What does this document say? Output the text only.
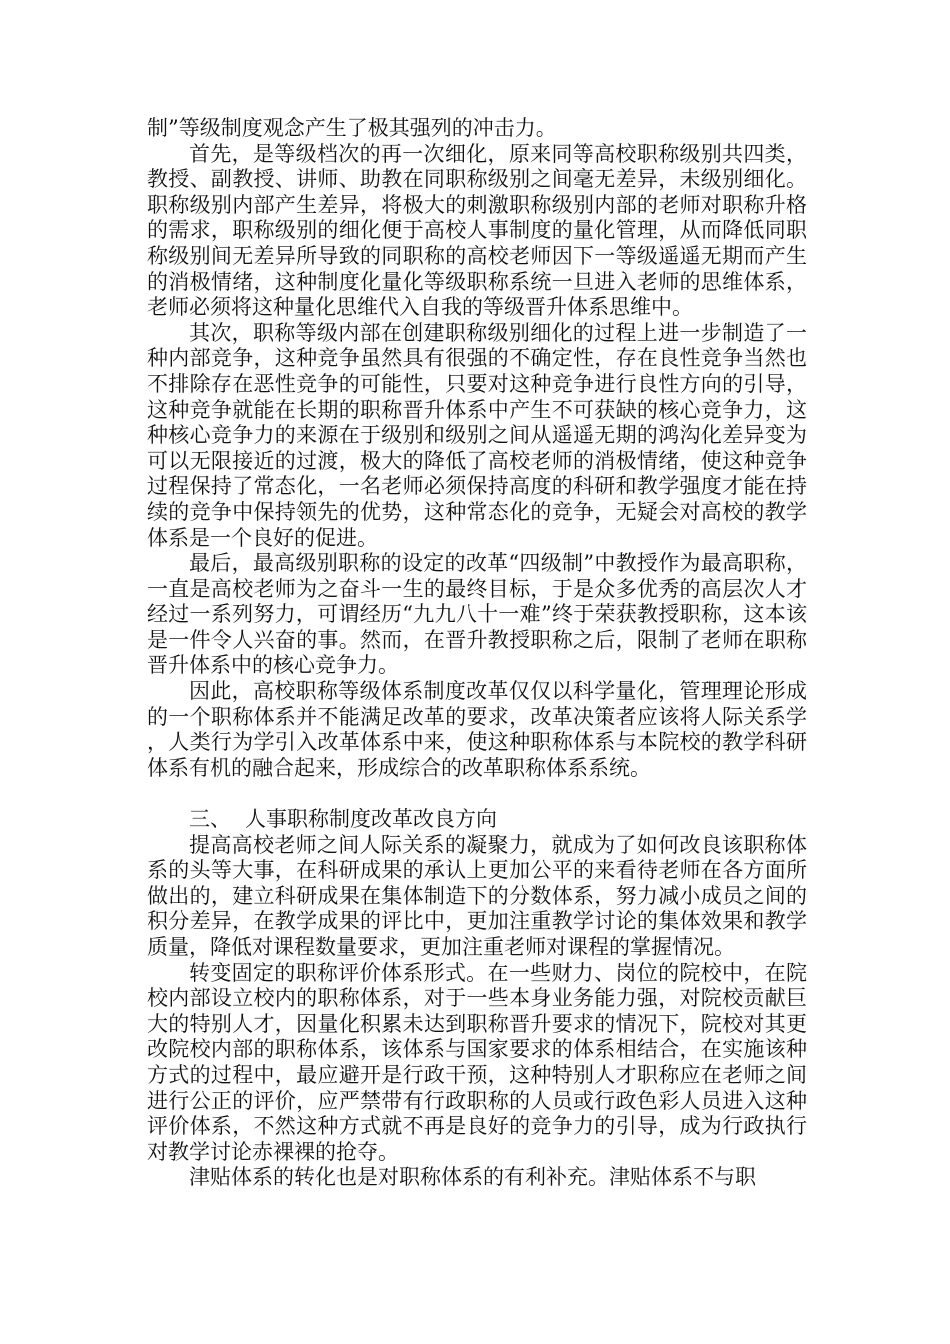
制”等级制度观念产生了极其强列的冲击力。

首先，是等级档次的再一次细化，原来同等高校职称级别共四类，教授、副教授、讲师、助教在同职称级别之间毫无差异，未级别细化。职称级别内部产生差异，将极大的刺激职称级别内部的老师对职称升格的需求，职称级别的细化便于高校人事制度的量化管理，从而降低同职称级别间无差异所导致的同职称的高校老师因下一等级遥遥无期而产生的消极情绪，这种制度化量化等级职称系统一旦进入老师的思维体系，老师必须将这种量化思维代入自我的等级晋升体系思维中。

其次，职称等级内部在创建职称级别细化的过程上进一步制造了一种内部竞争，这种竞争虽然具有很强的不确定性，存在良性竞争当然也不排除存在恶性竞争的可能性，只要对这种竞争进行良性方向的引导，这种竞争就能在长期的职称晋升体系中产生不可获缺的核心竞争力，这种核心竞争力的来源在于级别和级别之间从遥遥无期的鸿沟化差异变为可以无限接近的过渡，极大的降低了高校老师的消极情绪，使这种竞争过程保持了常态化，一名老师必须保持高度的科研和教学强度才能在持续的竞争中保持领先的优势，这种常态化的竞争，无疑会对高校的教学体系是一个良好的促进。

最后，最高级别职称的设定的改革“四级制”中教授作为最高职称，一直是高校老师为之奋斗一生的最终目标，于是众多优秀的高层次人才经过一系列努力，可谓经历“九九八十一难”终于荣获教授职称，这本该是一件令人兴奋的事。然而，在晋升教授职称之后，限制了老师在职称晋升体系中的核心竞争力。

因此，高校职称等级体系制度改革仅仅以科学量化，管理理论形成的一个职称体系并不能满足改革的要求，改革决策者应该将人际关系学，人类行为学引入改革体系中来，使这种职称体系与本院校的教学科研体系有机的融合起来，形成综合的改革职称体系系统。

三、 人事职称制度改革改良方向

提高高校老师之间人际关系的凝聚力，就成为了如何改良该职称体系的头等大事，在科研成果的承认上更加公平的来看待老师在各方面所做出的，建立科研成果在集体制造下的分数体系，努力减小成员之间的积分差异，在教学成果的评比中，更加注重教学讨论的集体效果和教学质量，降低对课程数量要求，更加注重老师对课程的掌握情况。

转变固定的职称评价体系形式。在一些财力、岗位的院校中，在院校内部设立校内的职称体系，对于一些本身业务能力强，对院校贡献巨大的特别人才，因量化积累未达到职称晋升要求的情况下，院校对其更改院校内部的职称体系，该体系与国家要求的体系相结合，在实施该种方式的过程中，最应避开是行政干预，这种特别人才职称应在老师之间进行公正的评价，应严禁带有行政职称的人员或行政色彩人员进入这种评价体系，不然这种方式就不再是良好的竞争力的引导，成为行政执行对教学讨论赤裸裸的抢夺。

津贴体系的转化也是对职称体系的有利补充。津贴体系不与职
